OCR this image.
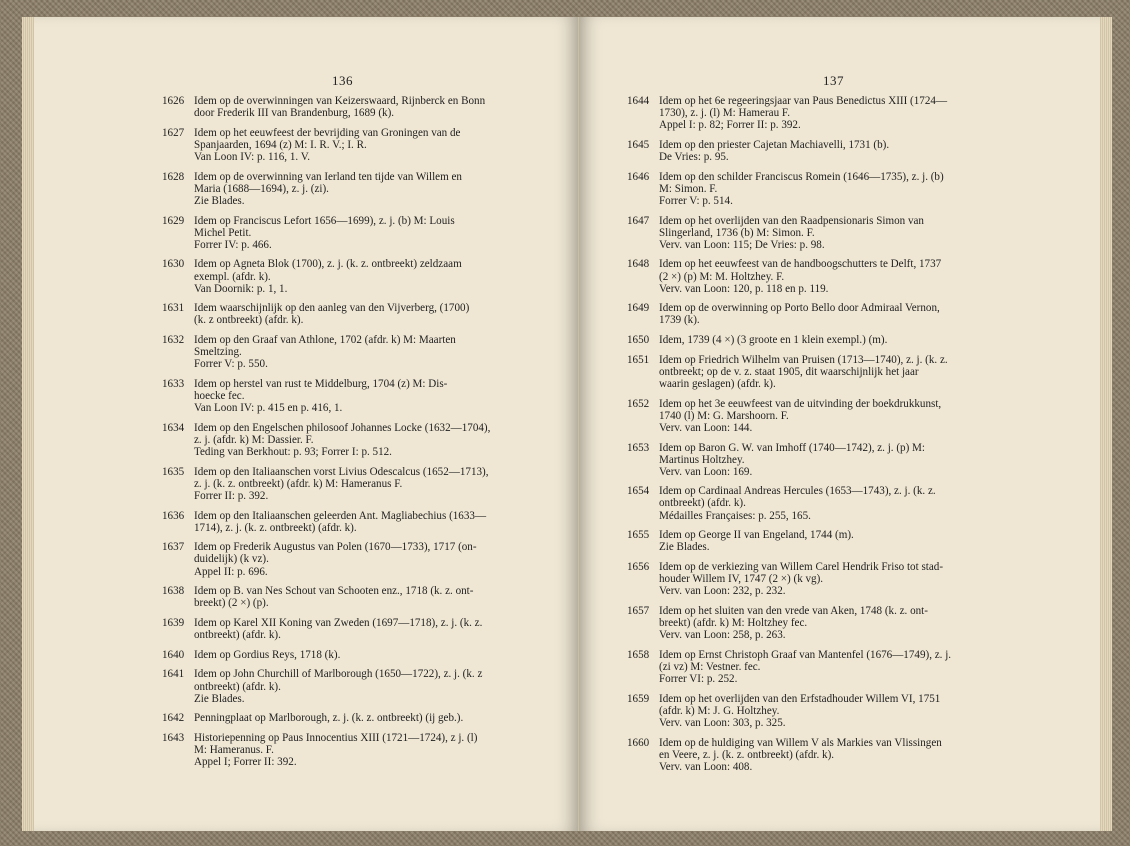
136
1626 Idem op de overwinningen van Keizerswaard, Rijnberck en Bonn
door Frederik III van Brandenburg, 1689 (k).
1627 Idem op het eeuwfeest der bevrijding van Groningen van de
Spanjaarden, 1694 (z) M: I. R. V.; I. R.
Van Loon IV: p. 116, 1. V.
1628 Idem op de overwinning van Ierland ten tijde van Willem en
Maria (1688—1694), z. j. (zi).
Zie Blades.
1629 Idem op Franciscus Lefort 1656—1699), z. j. (b) M: Louis
Michel Petit.
Forrer IV: p. 466.
1630 Idem op Agneta Blok (1700), z. j. (k. z. ontbreekt) zeldzaam
exempl. (afdr. k).
Van Doornik: p. 1, 1.
1631 Idem waarschijnlijk op den aanleg van den Vijverberg, (1700)
(k. z ontbreekt) (afdr. k).
1632 Idem op den Graaf van Athlone, 1702 (afdr. k) M: Maarten
Smeltzing.
Forrer V: p. 550.
1633 Idem op herstel van rust te Middelburg, 1704 (z) M: Dis-
hoecke fec.
Van Loon IV: p. 415 en p. 416, 1.
1634 Idem op den Engelschen philosoof Johannes Locke (1632—1704),
z. j. (afdr. k) M: Dassier. F.
Teding van Berkhout: p. 93; Forrer I: p. 512.
1635 Idem op den Italiaanschen vorst Livius Odescalcus (1652—1713),
z. j. (k. z. ontbreekt) (afdr. k) M: Hameranus F.
Forrer II: p. 392.
1636 Idem op den Italiaanschen geleerden Ant. Magliabechius (1633—
1714), z. j. (k. z. ontbreekt) (afdr. k).
1637 Idem op Frederik Augustus van Polen (1670—1733), 1717 (on-
duidelijk) (k vz).
Appel II: p. 696.
1638 Idem op B. van Nes Schout van Schooten enz., 1718 (k. z. ont-
breekt) (2 ×) (p).
1639 Idem op Karel XII Koning van Zweden (1697—1718), z. j. (k. z.
ontbreekt) (afdr. k).
1640 Idem op Gordius Reys, 1718 (k).
1641 Idem op John Churchill of Marlborough (1650—1722), z. j. (k. z
ontbreekt) (afdr. k).
Zie Blades.
1642 Penningplaat op Marlborough, z. j. (k. z. ontbreekt) (ij geb.).
1643 Historiepenning op Paus Innocentius XIII (1721—1724), z j. (l)
M: Hameranus. F.
Appel I; Forrer II: 392.
137
1644 Idem op het 6e regeeringsjaar van Paus Benedictus XIII (1724—
1730), z. j. (l) M: Hamerau F.
Appel I: p. 82; Forrer II: p. 392.
1645 Idem op den priester Cajetan Machiavelli, 1731 (b).
De Vries: p. 95.
1646 Idem op den schilder Franciscus Romein (1646—1735), z. j. (b)
M: Simon. F.
Forrer V: p. 514.
1647 Idem op het overlijden van den Raadpensionaris Simon van
Slingerland, 1736 (b) M: Simon. F.
Verv. van Loon: 115; De Vries: p. 98.
1648 Idem op het eeuwfeest van de handboogschutters te Delft, 1737
(2 ×) (p) M: M. Holtzhey. F.
Verv. van Loon: 120, p. 118 en p. 119.
1649 Idem op de overwinning op Porto Bello door Admiraal Vernon,
1739 (k).
1650 Idem, 1739 (4 ×) (3 groote en 1 klein exempl.) (m).
1651 Idem op Friedrich Wilhelm van Pruisen (1713—1740), z. j. (k. z.
ontbreekt; op de v. z. staat 1905, dit waarschijnlijk het jaar
waarin geslagen) (afdr. k).
1652 Idem op het 3e eeuwfeest van de uitvinding der boekdrukkunst,
1740 (l) M: G. Marshoorn. F.
Verv. van Loon: 144.
1653 Idem op Baron G. W. van Imhoff (1740—1742), z. j. (p) M:
Martinus Holtzhey.
Verv. van Loon: 169.
1654 Idem op Cardinaal Andreas Hercules (1653—1743), z. j. (k. z.
ontbreekt) (afdr. k).
Médailles Françaises: p. 255, 165.
1655 Idem op George II van Engeland, 1744 (m).
Zie Blades.
1656 Idem op de verkiezing van Willem Carel Hendrik Friso tot stad-
houder Willem IV, 1747 (2 ×) (k vg).
Verv. van Loon: 232, p. 232.
1657 Idem op het sluiten van den vrede van Aken, 1748 (k. z. ont-
breekt) (afdr. k) M: Holtzhey fec.
Verv. van Loon: 258, p. 263.
1658 Idem op Ernst Christoph Graaf van Mantenfel (1676—1749), z. j.
(zi vz) M: Vestner. fec.
Forrer VI: p. 252.
1659 Idem op het overlijden van den Erfstadhouder Willem VI, 1751
(afdr. k) M: J. G. Holtzhey.
Verv. van Loon: 303, p. 325.
1660 Idem op de huldiging van Willem V als Markies van Vlissingen
en Veere, z. j. (k. z. ontbreekt) (afdr. k).
Verv. van Loon: 408.
